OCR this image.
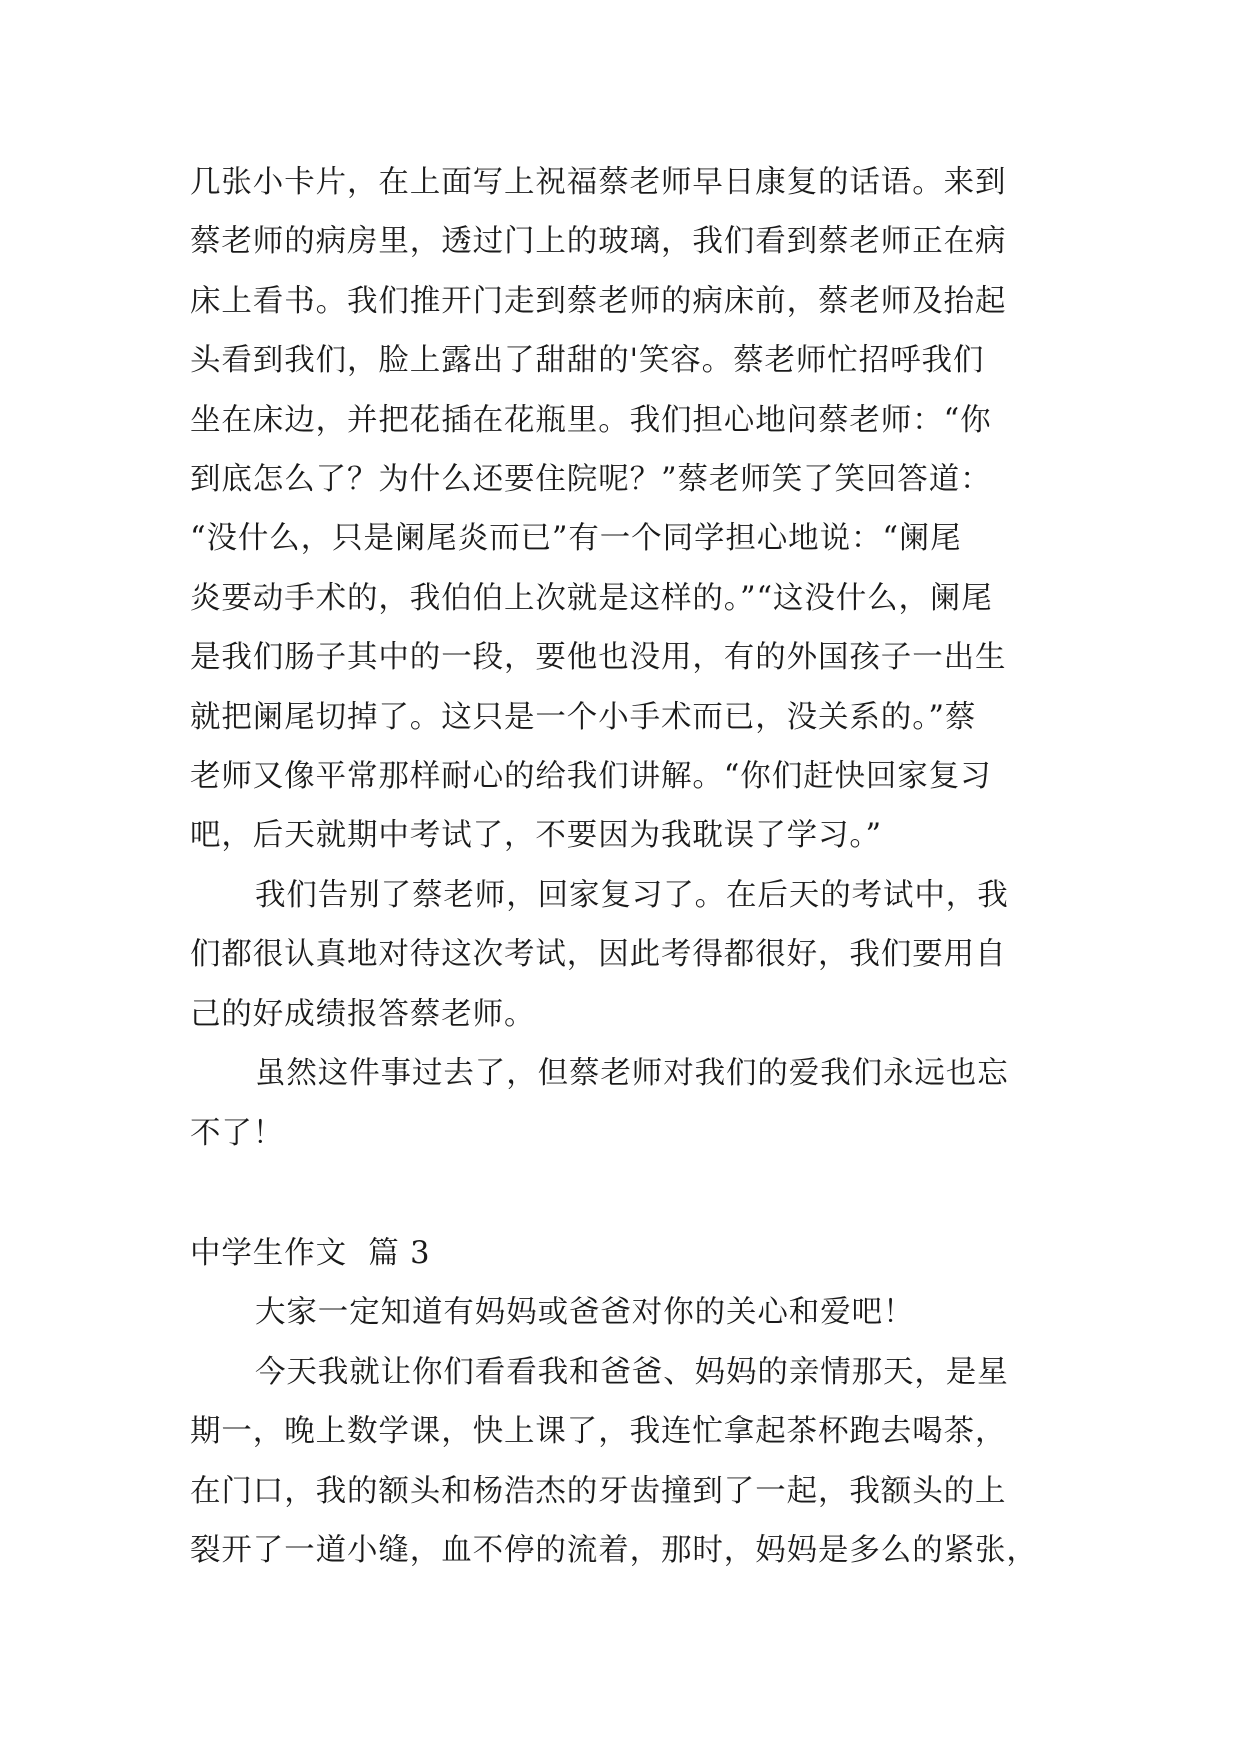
几张小卡片，在上面写上祝福蔡老师早日康复的话语。来到

蔡老师的病房里，透过门上的玻璃，我们看到蔡老师正在病

床上看书。我们推开门走到蔡老师的病床前，蔡老师及抬起

头看到我们，脸上露出了甜甜的'笑容。蔡老师忙招呼我们

坐在床边，并把花插在花瓶里。我们担心地问蔡老师：“你

到底怎么了？为什么还要住院呢？”蔡老师笑了笑回答道：

“没什么，只是阑尾炎而已”有一个同学担心地说：“阑尾

炎要动手术的，我伯伯上次就是这样的。”“这没什么，阑尾

是我们肠子其中的一段，要他也没用，有的外国孩子一出生

就把阑尾切掉了。这只是一个小手术而已，没关系的。”蔡

老师又像平常那样耐心的给我们讲解。“你们赶快回家复习

吧，后天就期中考试了，不要因为我耽误了学习。”

我们告别了蔡老师，回家复习了。在后天的考试中，我

们都很认真地对待这次考试，因此考得都很好，我们要用自

己的好成绩报答蔡老师。

虽然这件事过去了，但蔡老师对我们的爱我们永远也忘

不了！

中学生作文  篇 3

大家一定知道有妈妈或爸爸对你的关心和爱吧！

今天我就让你们看看我和爸爸、妈妈的亲情那天，是星

期一，晚上数学课，快上课了，我连忙拿起茶杯跑去喝茶，

在门口，我的额头和杨浩杰的牙齿撞到了一起，我额头的上

裂开了一道小缝，血不停的流着，那时，妈妈是多么的紧张，
